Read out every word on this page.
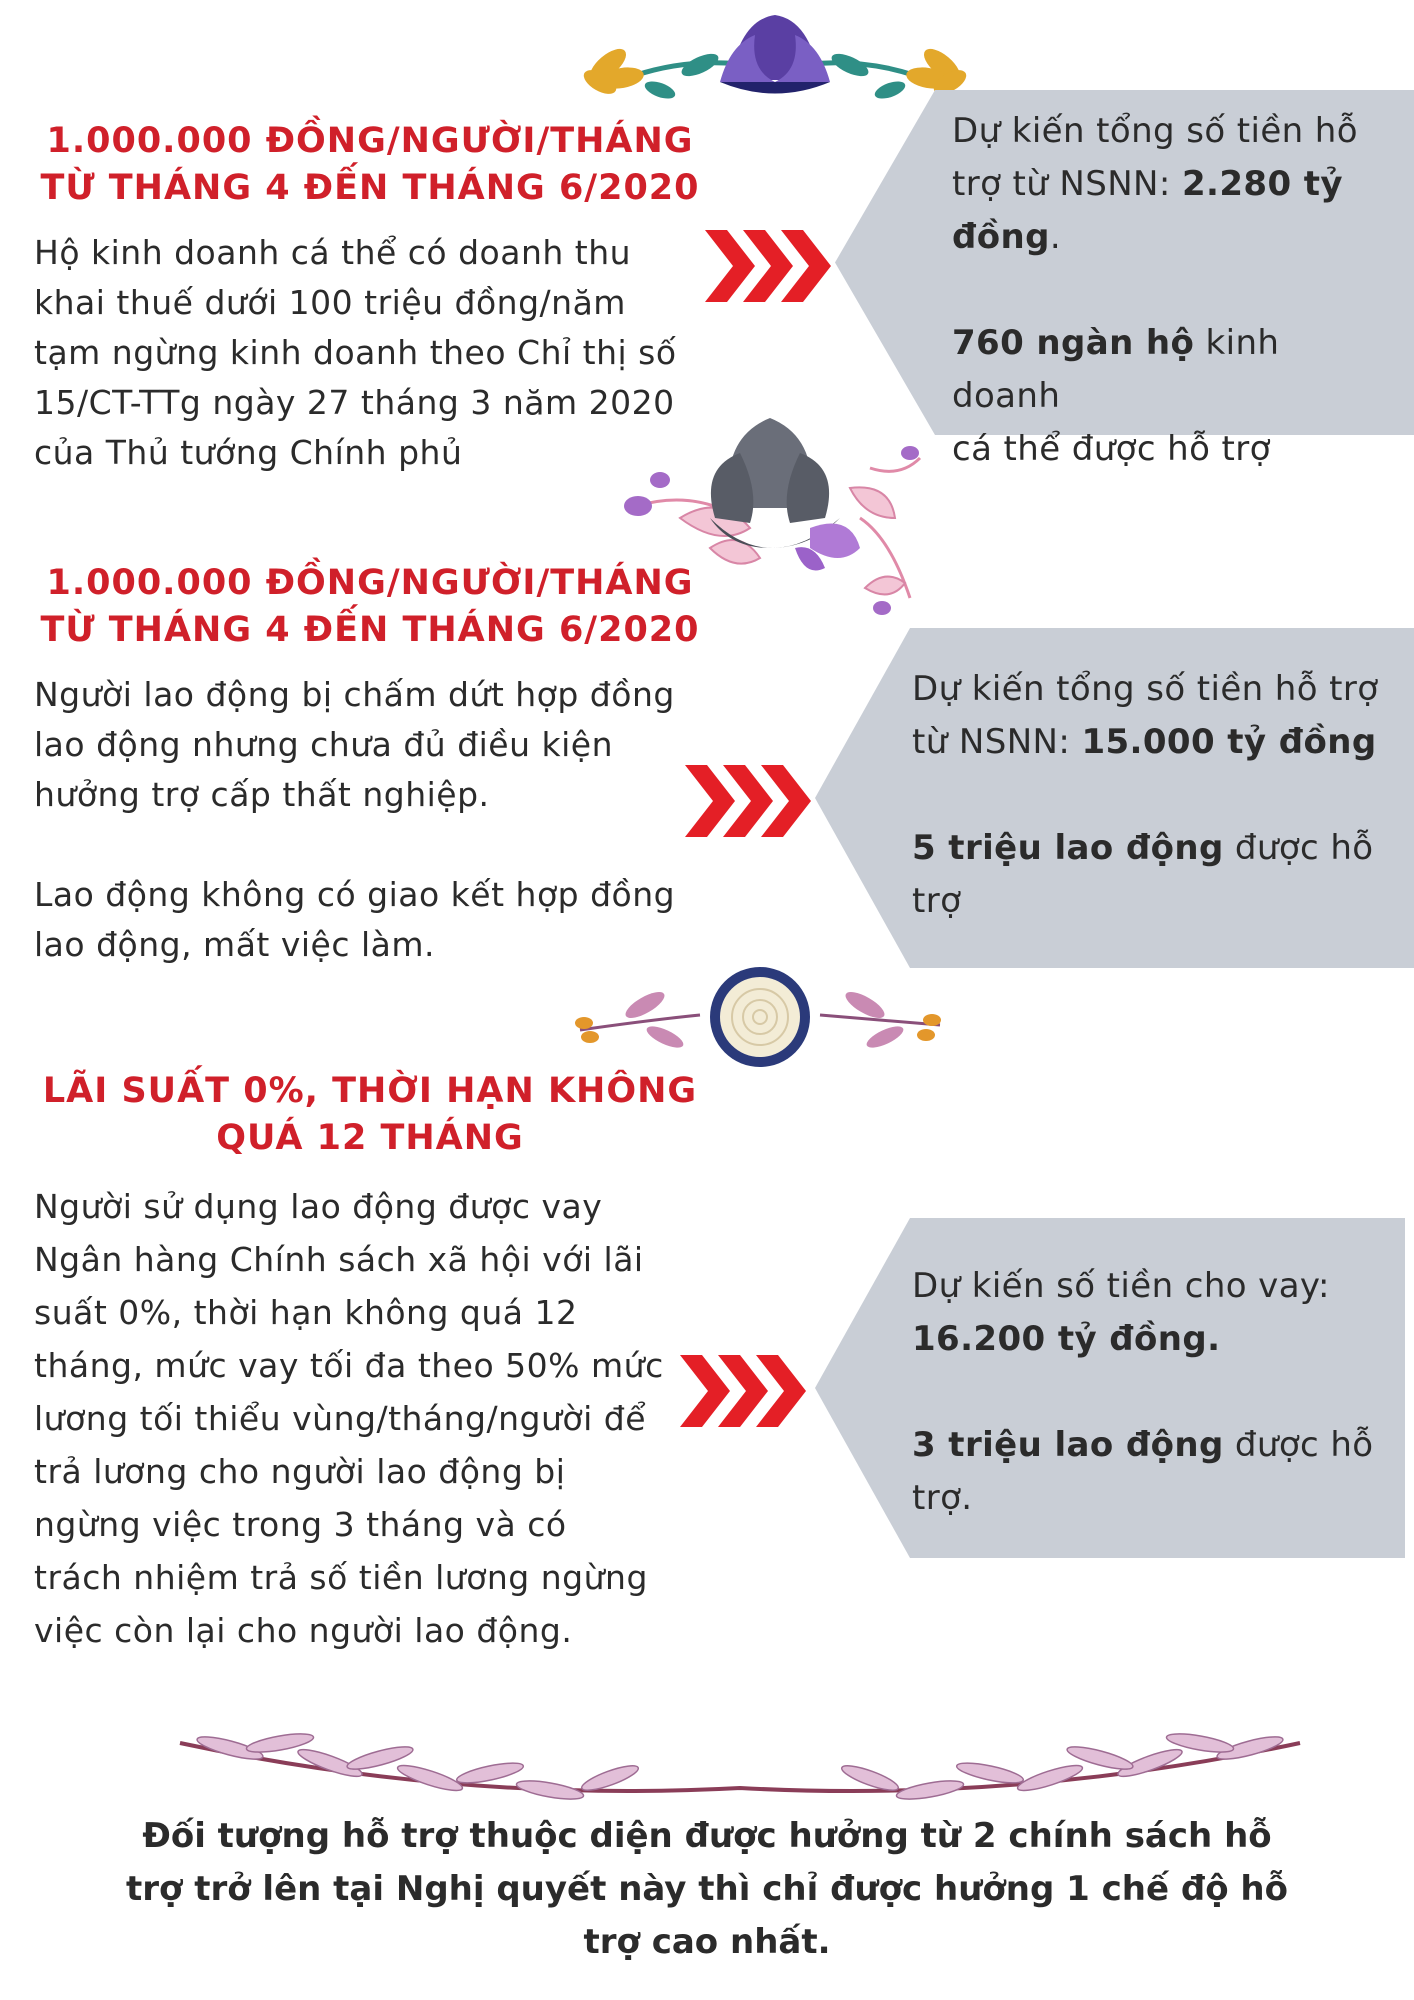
1.000.000 ĐỒNG/NGƯỜI/THÁNG
TỪ THÁNG 4 ĐẾN THÁNG 6/2020

Hộ kinh doanh cá thể có doanh thu

khai thuế dưới 100 triệu đồng/năm

tạm ngừng kinh doanh theo Chỉ thị số

15/CT-TTg ngày 27 tháng 3 năm 2020

của Thủ tướng Chính phủ

Dự kiến tổng số tiền hỗ

trợ từ NSNN: 2.280 tỷ

đồng.

760 ngàn hộ kinh doanh

cá thể được hỗ trợ

1.000.000 ĐỒNG/NGƯỜI/THÁNG
TỪ THÁNG 4 ĐẾN THÁNG 6/2020

Người lao động bị chấm dứt hợp đồng

lao động nhưng chưa đủ điều kiện

hưởng trợ cấp thất nghiệp.

Lao động không có giao kết hợp đồng

lao động, mất việc làm.

Dự kiến tổng số tiền hỗ trợ

từ NSNN: 15.000 tỷ đồng

5 triệu lao động được hỗ

trợ

LÃI SUẤT 0%, THỜI HẠN KHÔNG
QUÁ 12 THÁNG

Người sử dụng lao động được vay

Ngân hàng Chính sách xã hội với lãi

suất 0%, thời hạn không quá 12

tháng, mức vay tối đa theo 50% mức

lương tối thiểu vùng/tháng/người để

trả lương cho người lao động bị

ngừng việc trong 3 tháng và có

trách nhiệm trả số tiền lương ngừng

việc còn lại cho người lao động.

Dự kiến số tiền cho vay:

16.200 tỷ đồng.

3 triệu lao động được hỗ

trợ.

Đối tượng hỗ trợ thuộc diện được hưởng từ 2 chính sách hỗ

trợ trở lên tại Nghị quyết này thì chỉ được hưởng 1 chế độ hỗ

trợ cao nhất.
